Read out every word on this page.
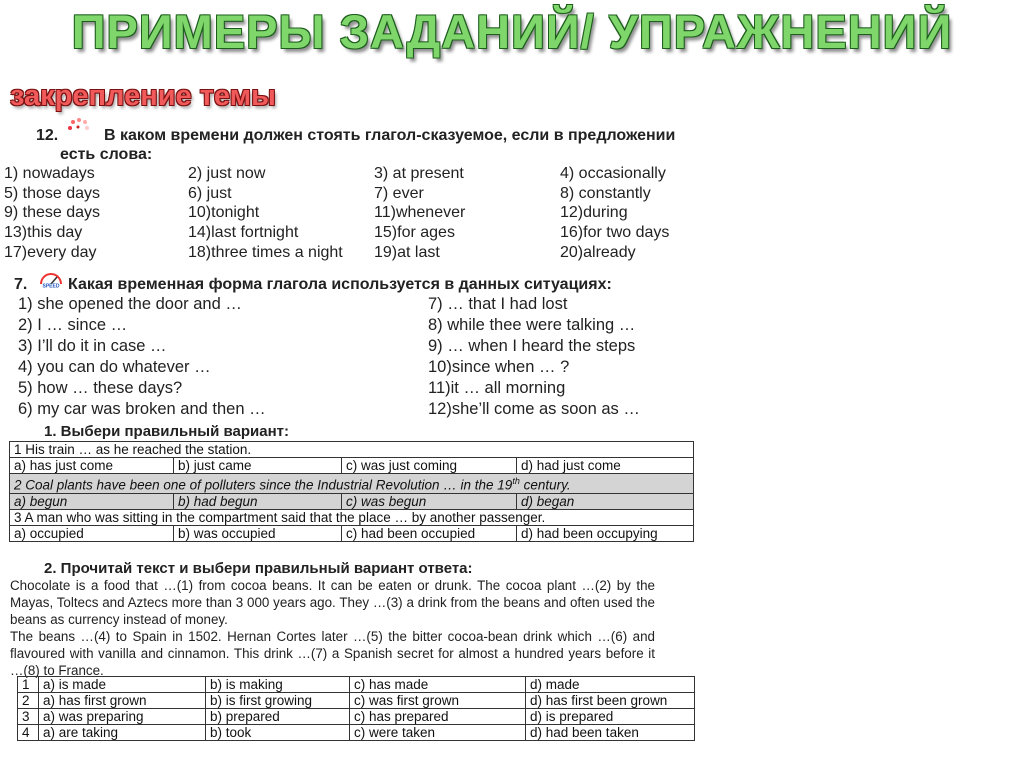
ПРИМЕРЫ ЗАДАНИЙ/ УПРАЖНЕНИЙ
закрепление темы
12.	В каком времени должен стоять глагол-сказуемое, если в предложении
есть слова:
1) nowadays	2) just now	3) at present	4) occasionally
5) those days	6) just	7) ever	8) constantly
9) these days	10)tonight	11)whenever	12)during
13)this day	14)last fortnight	15)for ages	16)for two days
17)every day	18)three times a night 19)at last	20)already
7.	SPEED Какая временная форма глагола используется в данных ситуациях:
1) she opened the door and …
2) I … since …
3) I’ll do it in case …
4) you can do whatever …
5) how … these days?
6) my car was broken and then …
7) … that I had lost
8) while thee were talking …
9) … when I heard the steps
10)since when … ?
11)it … all morning
12)she’ll come as soon as …
1. Выбери правильный вариант:
1 His train … as he reached the station.			
a) has just come	b) just came	c) was just coming	d) had just come
2 Coal plants have been one of polluters since the Industrial Revolution … in the 19th century.			
a) begun	b) had begun	c) was begun	d) began
3 A man who was sitting in the compartment said that the place … by another passenger.			
a) occupied	b) was occupied	c) had been occupied	d) had been occupying
2. Прочитай текст и выбери правильный вариант ответа:
Chocolate is a food that …(1) from cocoa beans. It can be eaten or drunk. The cocoa plant …(2) by the Mayas, Toltecs and Aztecs more than 3 000 years ago. They …(3) a drink from the beans and often used the beans as currency instead of money.
The beans …(4) to Spain in 1502. Hernan Cortes later …(5) the bitter cocoa-bean drink which …(6) and flavoured with vanilla and cinnamon. This drink …(7) a Spanish secret for almost a hundred years before it …(8) to France.
1	a) is made	b) is making	c) has made	d) made
2	a) has first grown	b) is first growing	c) was first grown	d) has first been grown
3	a) was preparing	b) prepared	c) has prepared	d) is prepared
4	a) are taking	b) took	c) were taken	d) had been taken
